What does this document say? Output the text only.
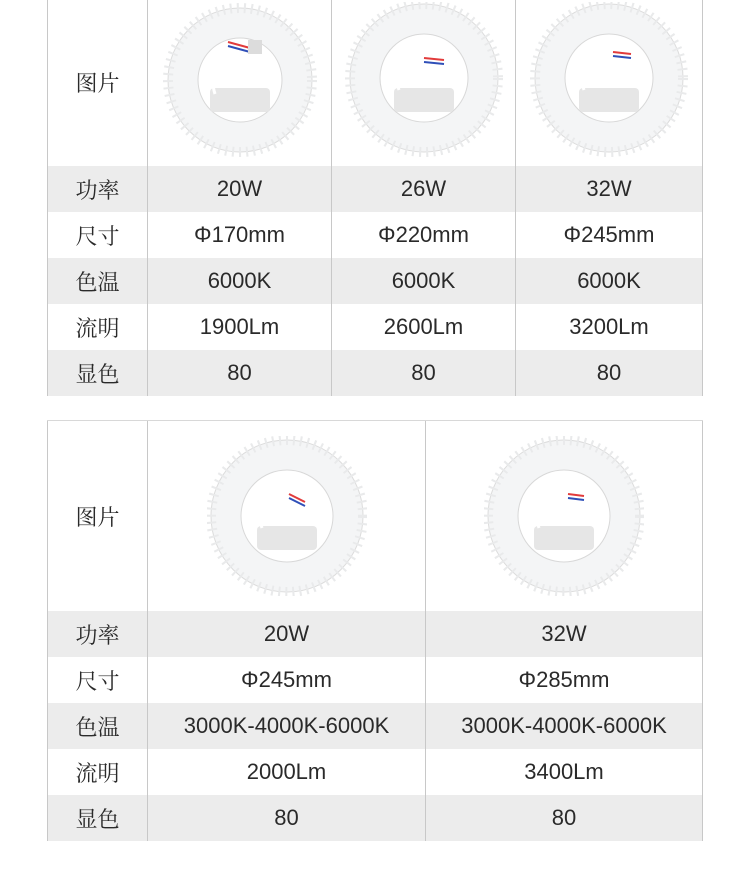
图片
功率	20W	26W	32W
尺寸	Φ170mm	Φ220mm	Φ245mm
色温	6000K	6000K	6000K
流明	1900Lm	2600Lm	3200Lm
显色	80	80	80
图片
功率	20W	32W
尺寸	Φ245mm	Φ285mm
色温	3000K-4000K-6000K	3000K-4000K-6000K
流明	2000Lm	3400Lm
显色	80	80
